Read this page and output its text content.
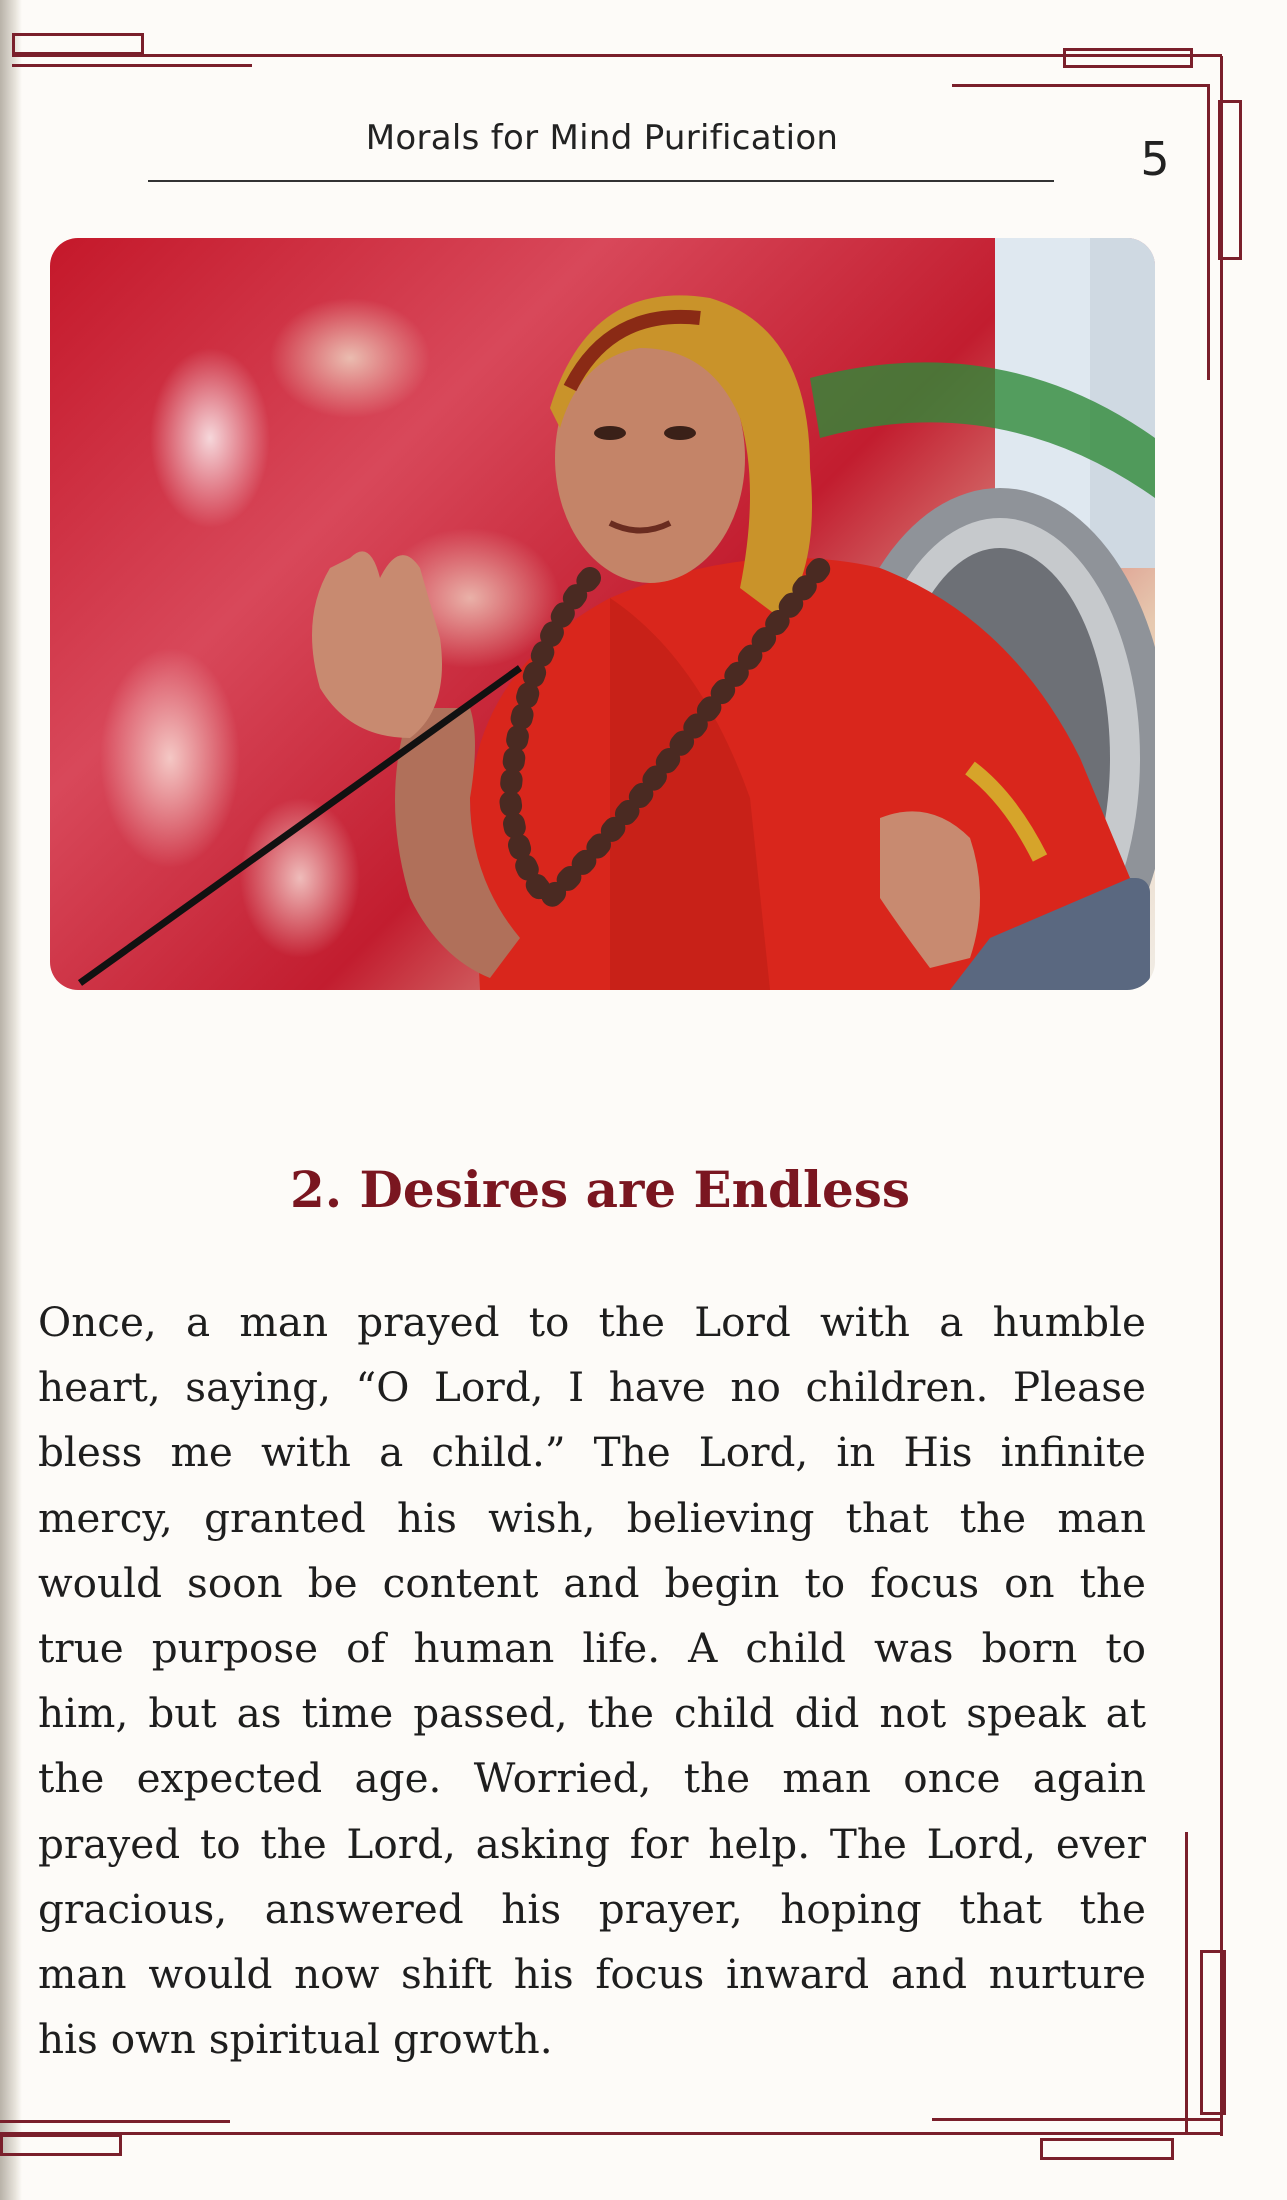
Morals for Mind Purification	5
2. Desires are Endless
Once, a man prayed to the Lord with a humble
heart, saying, “O Lord, I have no children. Please
bless me with a child.” The Lord, in His infinite
mercy, granted his wish, believing that the man
would soon be content and begin to focus on the
true purpose of human life. A child was born to
him, but as time passed, the child did not speak at
the expected age. Worried, the man once again
prayed to the Lord, asking for help. The Lord, ever
gracious, answered his prayer, hoping that the
man would now shift his focus inward and nurture
his own spiritual growth.
